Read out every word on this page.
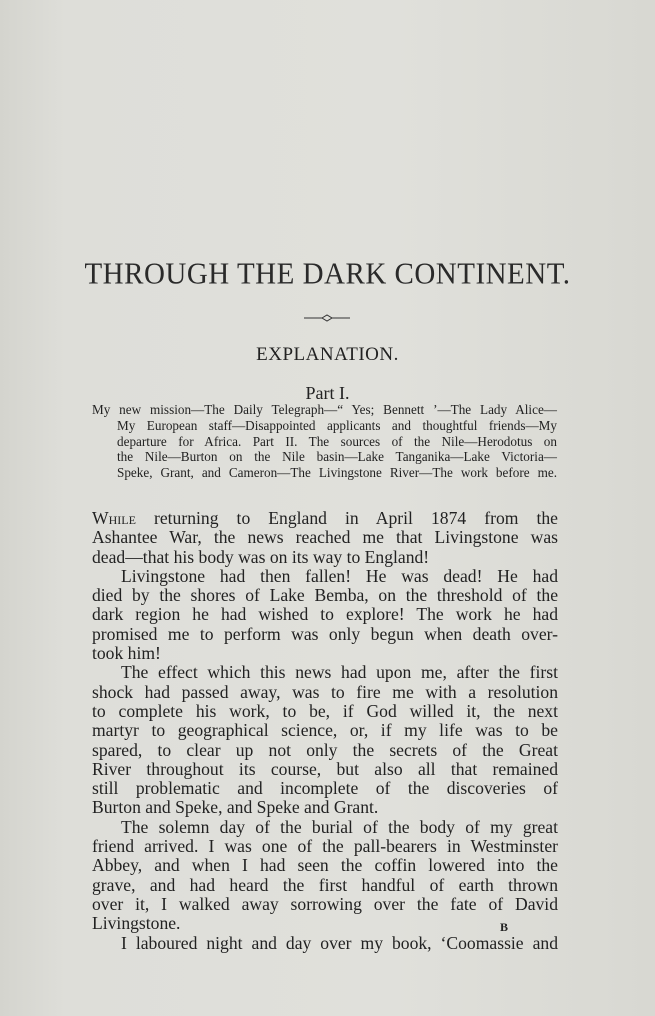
THROUGH THE DARK CONTINENT.
EXPLANATION.
Part I.
My new mission—The Daily Telegraph—“ Yes; Bennett ’—The Lady Alice—
My European staff—Disappointed applicants and thoughtful friends—My
departure for Africa. Part II. The sources of the Nile—Herodotus on
the Nile—Burton on the Nile basin—Lake Tanganika—Lake Victoria—
Speke, Grant, and Cameron—The Livingstone River—The work before me.
While returning to England in April 1874 from the
Ashantee War, the news reached me that Livingstone was
dead—that his body was on its way to England!
Livingstone had then fallen! He was dead! He had
died by the shores of Lake Bemba, on the threshold of the
dark region he had wished to explore! The work he had
promised me to perform was only begun when death over-
took him!
The effect which this news had upon me, after the first
shock had passed away, was to fire me with a resolution
to complete his work, to be, if God willed it, the next
martyr to geographical science, or, if my life was to be
spared, to clear up not only the secrets of the Great
River throughout its course, but also all that remained
still problematic and incomplete of the discoveries of
Burton and Speke, and Speke and Grant.
The solemn day of the burial of the body of my great
friend arrived. I was one of the pall-bearers in Westminster
Abbey, and when I had seen the coffin lowered into the
grave, and had heard the first handful of earth thrown
over it, I walked away sorrowing over the fate of David
Livingstone.
I laboured night and day over my book, ‘Coomassie and
B
